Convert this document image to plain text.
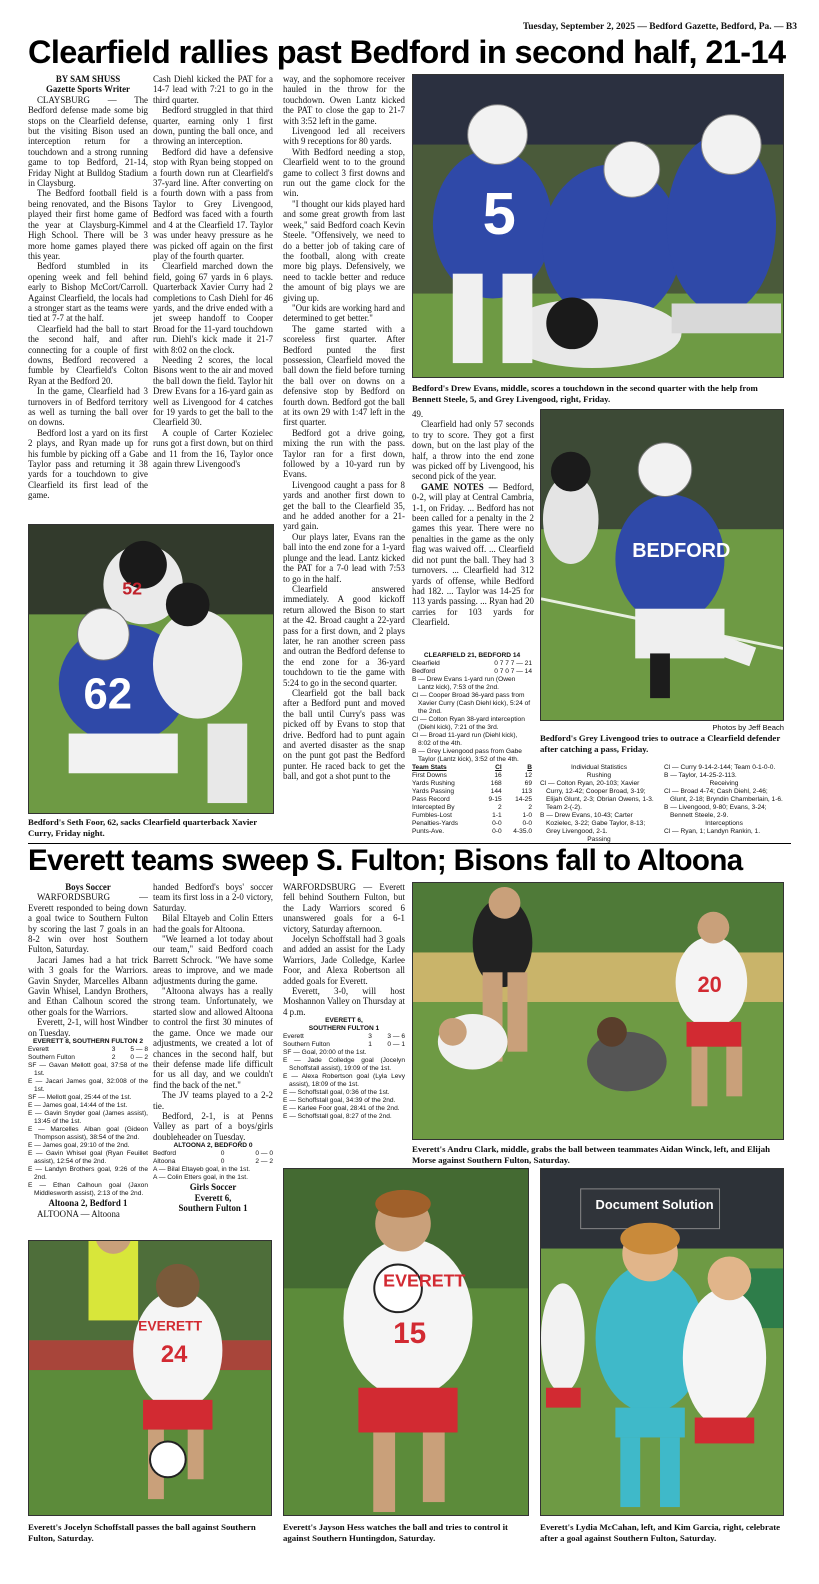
Tuesday, September 2, 2025 — Bedford Gazette, Bedford, Pa. — B3
Clearfield rallies past Bedford in second half, 21-14

BY SAM SHUSS

Gazette Sports Writer

CLAYSBURG — The Bedford defense made some big stops on the Clearfield defense, but the visiting Bison used an interception return for a touchdown and a strong running game to top Bedford, 21-14, Friday Night at Bulldog Stadium in Claysburg.

The Bedford football field is being renovated, and the Bisons played their first home game of the year at Claysburg-Kimmel High School. There will be 3 more home games played there this year.

Bedford stumbled in its opening week and fell behind early to Bishop McCort/Carroll. Against Clearfield, the locals had a stronger start as the teams were tied at 7-7 at the half.

Clearfield had the ball to start the second half, and after connecting for a couple of first downs, Bedford recovered a fumble by Clearfield's Colton Ryan at the Bedford 20.

In the game, Clearfield had 3 turnovers in of Bedford territory as well as turning the ball over on downs.

Bedford lost a yard on its first 2 plays, and Ryan made up for his fumble by picking off a Gabe Taylor pass and returning it 38 yards for a touchdown to give Clearfield its first lead of the game.

Cash Diehl kicked the PAT for a 14-7 lead with 7:21 to go in the third quarter.

Bedford struggled in that third quarter, earning only 1 first down, punting the ball once, and throwing an interception.

Bedford did have a defensive stop with Ryan being stopped on a fourth down run at Clearfield's 37-yard line. After converting on a fourth down with a pass from Taylor to Grey Livengood, Bedford was faced with a fourth and 4 at the Clearfield 17. Taylor was under heavy pressure as he was picked off again on the first play of the fourth quarter.

Clearfield marched down the field, going 67 yards in 6 plays. Quarterback Xavier Curry had 2 completions to Cash Diehl for 46 yards, and the drive ended with a jet sweep handoff to Cooper Broad for the 11-yard touchdown run. Diehl's kick made it 21-7 with 8:02 on the clock.

Needing 2 scores, the local Bisons went to the air and moved the ball down the field. Taylor hit Drew Evans for a 16-yard gain as well as Livengood for 4 catches for 19 yards to get the ball to the Clearfield 30.

A couple of Carter Kozieleс runs got a first down, but on third and 11 from the 16, Taylor once again threw Livengood's

way, and the sophomore receiver hauled in the throw for the touchdown. Owen Lantz kicked the PAT to close the gap to 21-7 with 3:52 left in the game.

Livengood led all receivers with 9 receptions for 80 yards.

With Bedford needing a stop, Clearfield went to to the ground game to collect 3 first downs and run out the game clock for the win.

"I thought our kids played hard and some great growth from last week," said Bedford coach Kevin Steele. "Offensively, we need to do a better job of taking care of the football, along with create more big plays. Defensively, we need to tackle better and reduce the amount of big plays we are giving up.

"Our kids are working hard and determined to get better."

The game started with a scoreless first quarter. After Bedford punted the first possession, Clearfield moved the ball down the field before turning the ball over on downs on a defensive stop by Bedford on fourth down. Bedford got the ball at its own 29 with 1:47 left in the first quarter.

Bedford got a drive going, mixing the run with the pass. Taylor ran for a first down, followed by a 10-yard run by Evans.

Livengood caught a pass for 8 yards and another first down to get the ball to the Clearfield 35, and he added another for a 21-yard gain.

Our plays later, Evans ran the ball into the end zone for a 1-yard plunge and the lead. Lantz kicked the PAT for a 7-0 lead with 7:53 to go in the half.

Clearfield answered immediately. A good kickoff return allowed the Bison to start at the 42. Broad caught a 22-yard pass for a first down, and 2 plays later, he ran another screen pass and outran the Bedford defense to the end zone for a 36-yard touchdown to tie the game with 5:24 to go in the second quarter.

Clearfield got the ball back after a Bedford punt and moved the ball until Curry's pass was picked off by Evans to stop that drive. Bedford had to punt again and averted disaster as the snap on the punt got past the Bedford punter. He raced back to get the ball, and got a shot punt to the

5
Bedford's Drew Evans, middle, scores a touchdown in the second quarter with the help from Bennett Steele, 5, and Grey Livengood, right, Friday.

49.

Clearfield had only 57 seconds to try to score. They got a first down, but on the last play of the half, a throw into the end zone was picked off by Livengood, his second pick of the year.

GAME NOTES — Bedford, 0-2, will play at Central Cambria, 1-1, on Friday. ... Bedford has not been called for a penalty in the 2 games this year. There were no penalties in the game as the only flag was waived off. ... Clearfield did not punt the ball. They had 3 turnovers. ... Clearfield had 312 yards of offense, while Bedford had 182. ... Taylor was 14-25 for 113 yards passing. ... Ryan had 20 carries for 103 yards for Clearfield.

BEDFORD
Photos by Jeff Beach
Bedford's Grey Livengood tries to outrace a Clearfield defender after catching a pass, Friday.
62
52
Bedford's Seth Foor, 62, sacks Clearfield quarterback Xavier Curry, Friday night.
CLEARFIELD 21, BEDFORD 14
Clearfield	0 7 7 7 — 21
Bedford	0 7 0 7 — 14
B — Drew Evans 1-yard run (Owen Lantz kick), 7:53 of the 2nd.
Cl — Cooper Broad 36-yard pass from Xavier Curry (Cash Diehl kick), 5:24 of the 2nd.
Cl — Colton Ryan 38-yard interception (Diehl kick), 7:21 of the 3rd.
Cl — Broad 11-yard run (Diehl kick), 8:02 of the 4th.
B — Grey Livengood pass from Gabe Taylor (Lantz kick), 3:52 of the 4th.
Team Stats	Cl	B
First Downs	16	12
Yards Rushing	168	69
Yards Passing	144	113
Pass Record	9-15	14-25
Intercepted By	2	2
Fumbles-Lost	1-1	1-0
Penalties-Yards	0-0	0-0
Punts-Ave.	0-0	4-35.0
Individual Statistics
Rushing
Cl — Colton Ryan, 20-103; Xavier Curry, 12-42; Cooper Broad, 3-19; Elijah Glunt, 2-3; Obrian Owens, 1-3. Team 2-(-2).
B — Drew Evans, 10-43; Carter Kozielec, 3-22; Gabe Taylor, 8-13; Grey Livengood, 2-1.
Passing
Cl — Curry 9-14-2-144; Team 0-1-0-0.
B — Taylor, 14-25-2-113.
Receiving
Cl — Broad 4-74; Cash Diehl, 2-46; Glunt, 2-18; Bryndin Chamberlain, 1-6.
B — Livengood, 9-80; Evans, 3-24; Bennett Steele, 2-9.
Interceptions
Cl — Ryan, 1; Landyn Rankin, 1.
Everett teams sweep S. Fulton; Bisons fall to Altoona

Boys Soccer

WARFORDSBURG — Everett responded to being down a goal twice to Southern Fulton by scoring the last 7 goals in an 8-2 win over host Southern Fulton, Saturday.

Jacari James had a hat trick with 3 goals for the Warriors. Gavin Snyder, Marcelles Albann Gavin Whisel, Landyn Brothers, and Ethan Calhoun scored the other goals for the Warriors.

Everett, 2-1, will host Windber on Tuesday.

EVERETT 8, SOUTHERN FULTON 2
Everett	3	5 — 8
Southern Fulton	2	0 — 2
SF — Gavan Mellott goal, 37:58 of the 1st.
E — Jacari James goal, 32:008 of the 1st.
SF — Mellott goal, 25:44 of the 1st.
E — James goal, 14:44 of the 1st.
E — Gavin Snyder goal (James assist), 13:45 of the 1st.
E — Marcelles Alban goal (Gideon Thompson assist), 38:54 of the 2nd.
E — James goal, 29:10 of the 2nd.
E — Gavin Whisel goal (Ryan Feuillet assist), 12:54 of the 2nd.
E — Landyn Brothers goal, 9:26 of the 2nd.
E — Ethan Calhoun goal (Jaxon Middlesworth assist), 2:13 of the 2nd.

Altoona 2, Bedford 1

ALTOONA — Altoona

handed Bedford's boys' soccer team its first loss in a 2-0 victory, Saturday.

Bilal Eltayeb and Colin Etters had the goals for Altoona.

"We learned a lot today about our team," said Bedford coach Barrett Schrock. "We have some areas to improve, and we made adjustments during the game.

"Altoona always has a really strong team. Unfortunately, we started slow and allowed Altoona to control the first 30 minutes of the game. Once we made our adjustments, we created a lot of chances in the second half, but their defense made life difficult for us all day, and we couldn't find the back of the net."

The JV teams played to a 2-2 tie.

Bedford, 2-1, is at Penns Valley as part of a boys/girls doubleheader on Tuesday.

ALTOONA 2, BEDFORD 0
Bedford	0	0 — 0
Altoona	0	2 — 2
A — Bilal Eltayeb goal, in the 1st.
A — Colin Etters goal, in the 1st.

Girls Soccer

Everett 6,

Southern Fulton 1

WARFORDSBURG — Everett fell behind Southern Fulton, but the Lady Warriors scored 6 unanswered goals for a 6-1 victory, Saturday afternoon.

Jocelyn Schoffstall had 3 goals and added an assist for the Lady Warriors, Jade Colledge, Karlee Foor, and Alexa Robertson all added goals for Everett.

Everett, 3-0, will host Moshannon Valley on Thursday at 4 p.m.

EVERETT 6,
SOUTHERN FULTON 1
Everett	3	3 — 6
Southern Fulton	1	0 — 1
SF — Goal, 20:00 of the 1st.
E — Jade Colledge goal (Jocelyn Schoffstall assist), 19:09 of the 1st.
E — Alexa Robertson goal (Lyla Levy assist), 18:09 of the 1st.
E — Schoffstall goal, 0:36 of the 1st.
E — Schoffstall goal, 34:39 of the 2nd.
E — Karlee Foor goal, 28:41 of the 2nd.
E — Schoffstall goal, 8:27 of the 2nd.
20
Everett's Andru Clark, middle, grabs the ball between teammates Aidan Winck, left, and Elijah Morse against Southern Fulton, Saturday.
EVERETT
24
Everett's Jocelyn Schoffstall passes the ball against Southern Fulton, Saturday.
EVERETT
15
Everett's Jayson Hess watches the ball and tries to control it against Southern Huntingdon, Saturday.
Document Solution
Everett's Lydia McCahan, left, and Kim Garcia, right, celebrate after a goal against Southern Fulton, Saturday.
